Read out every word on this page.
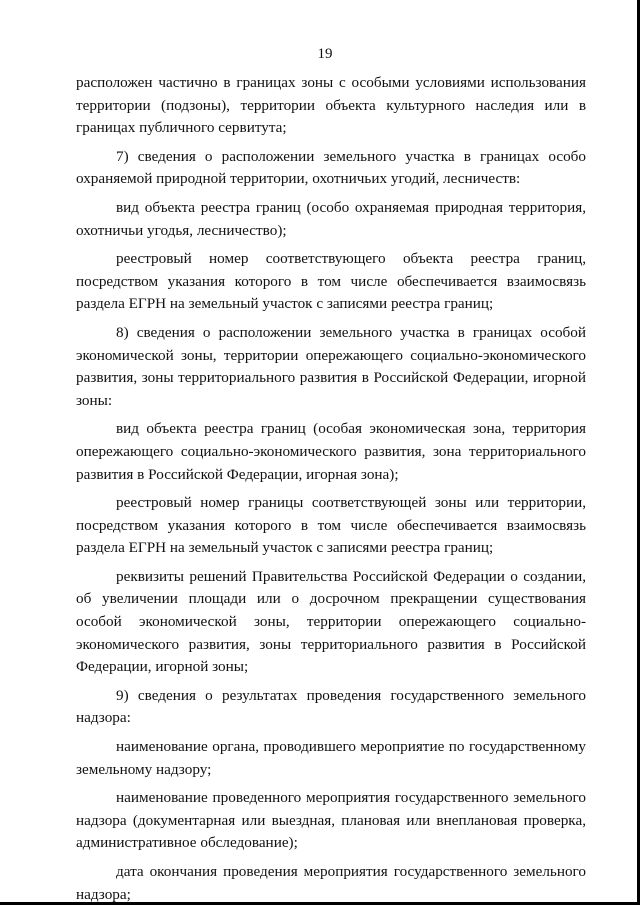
19

расположен частично в границах зоны с особыми условиями использования территории (подзоны), территории объекта культурного наследия или в границах публичного сервитута;

7) сведения о расположении земельного участка в границах особо охраняемой природной территории, охотничьих угодий, лесничеств:

вид объекта реестра границ (особо охраняемая природная территория, охотничьи угодья, лесничество);

реестровый номер соответствующего объекта реестра границ, посредством указания которого в том числе обеспечивается взаимосвязь раздела ЕГРН на земельный участок с записями реестра границ;

8) сведения о расположении земельного участка в границах особой экономической зоны, территории опережающего социально-экономического развития, зоны территориального развития в Российской Федерации, игорной зоны:

вид объекта реестра границ (особая экономическая зона, территория опережающего социально-экономического развития, зона территориального развития в Российской Федерации, игорная зона);

реестровый номер границы соответствующей зоны или территории, посредством указания которого в том числе обеспечивается взаимосвязь раздела ЕГРН на земельный участок с записями реестра границ;

реквизиты решений Правительства Российской Федерации о создании, об увеличении площади или о досрочном прекращении существования особой экономической зоны, территории опережающего социально-экономического развития, зоны территориального развития в Российской Федерации, игорной зоны;

9) сведения о результатах проведения государственного земельного надзора:

наименование органа, проводившего мероприятие по государственному земельному надзору;

наименование проведенного мероприятия государственного земельного надзора (документарная или выездная, плановая или внеплановая проверка, административное обследование);

дата окончания проведения мероприятия государственного земельного надзора;
